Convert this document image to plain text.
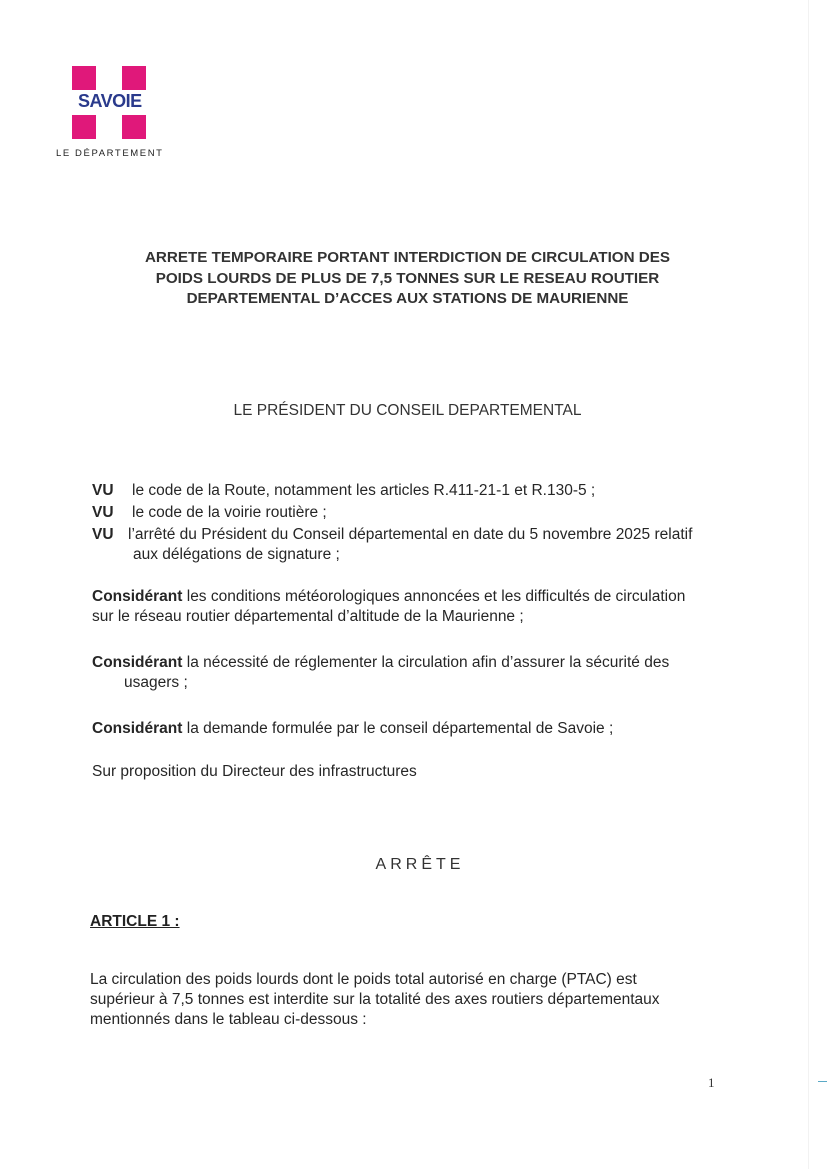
SAVOIE
LE DÉPARTEMENT
ARRETE TEMPORAIRE PORTANT INTERDICTION DE CIRCULATION DES
POIDS LOURDS DE PLUS DE 7,5 TONNES SUR LE RESEAU ROUTIER
DEPARTEMENTAL D’ACCES AUX STATIONS DE MAURIENNE
LE PRÉSIDENT DU CONSEIL DEPARTEMENTAL
VU le code de la Route, notamment les articles R.411-21-1 et R.130-5 ;
VU le code de la voirie routière ;
VU l’arrêté du Président du Conseil départemental en date du 5 novembre 2025 relatif
aux délégations de signature ;
Considérant les conditions météorologiques annoncées et les difficultés de circulation
sur le réseau routier départemental d’altitude de la Maurienne ;
Considérant la nécessité de réglementer la circulation afin d’assurer la sécurité des
usagers ;
Considérant la demande formulée par le conseil départemental de Savoie ;
Sur proposition du Directeur des infrastructures
ARRÊTE
ARTICLE 1 :
La circulation des poids lourds dont le poids total autorisé en charge (PTAC) est
supérieur à 7,5 tonnes est interdite sur la totalité des axes routiers départementaux
mentionnés dans le tableau ci-dessous :
1
